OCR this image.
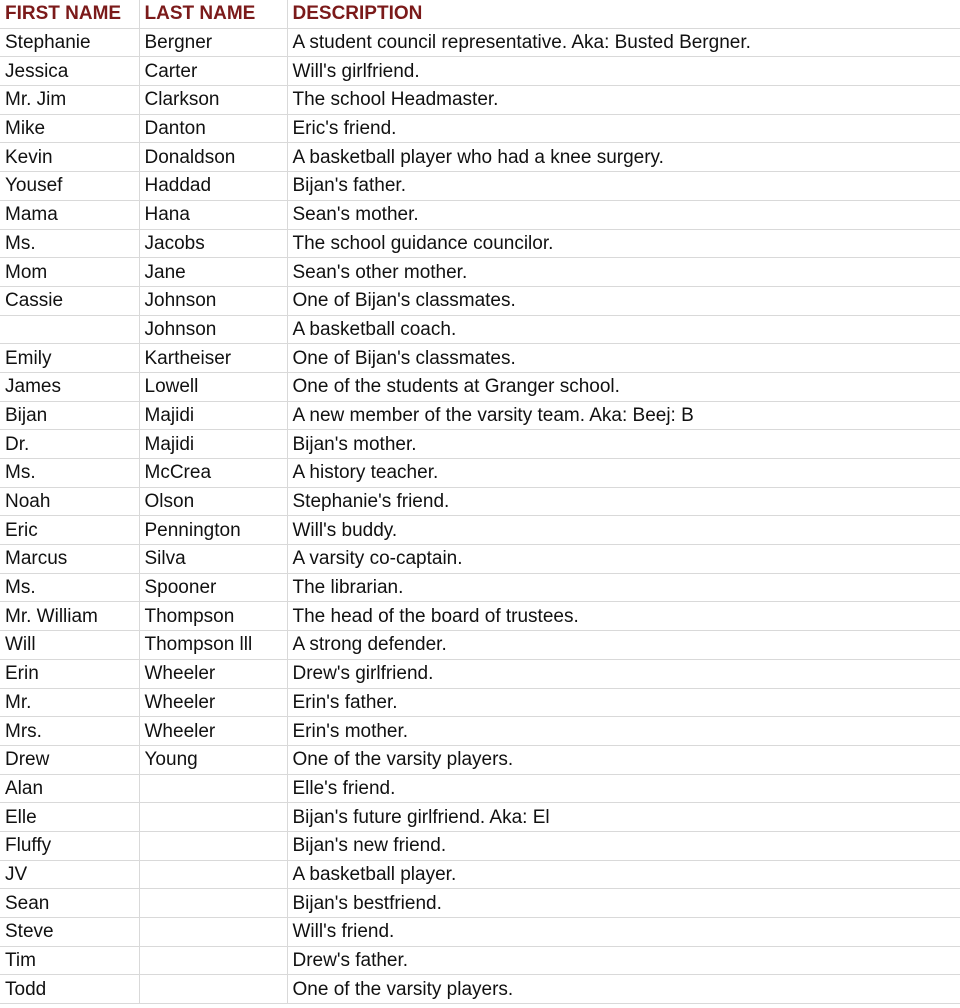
FIRST NAME	LAST NAME	DESCRIPTION
Stephanie	Bergner	A student council representative. Aka: Busted Bergner.
Jessica	Carter	Will's girlfriend.
Mr. Jim	Clarkson	The school Headmaster.
Mike	Danton	Eric's friend.
Kevin	Donaldson	A basketball player who had a knee surgery.
Yousef	Haddad	Bijan's father.
Mama	Hana	Sean's mother.
Ms.	Jacobs	The school guidance councilor.
Mom	Jane	Sean's other mother.
Cassie	Johnson	One of Bijan's classmates.
	Johnson	A basketball coach.
Emily	Kartheiser	One of Bijan's classmates.
James	Lowell	One of the students at Granger school.
Bijan	Majidi	A new member of the varsity team. Aka: Beej: B
Dr.	Majidi	Bijan's mother.
Ms.	McCrea	A history teacher.
Noah	Olson	Stephanie's friend.
Eric	Pennington	Will's buddy.
Marcus	Silva	A varsity co-captain.
Ms.	Spooner	The librarian.
Mr. William	Thompson	The head of the board of trustees.
Will	Thompson lll	A strong defender.
Erin	Wheeler	Drew's girlfriend.
Mr.	Wheeler	Erin's father.
Mrs.	Wheeler	Erin's mother.
Drew	Young	One of the varsity players.
Alan		Elle's friend.
Elle		Bijan's future girlfriend. Aka: El
Fluffy		Bijan's new friend.
JV		A basketball player.
Sean		Bijan's bestfriend.
Steve		Will's friend.
Tim		Drew's father.
Todd		One of the varsity players.
